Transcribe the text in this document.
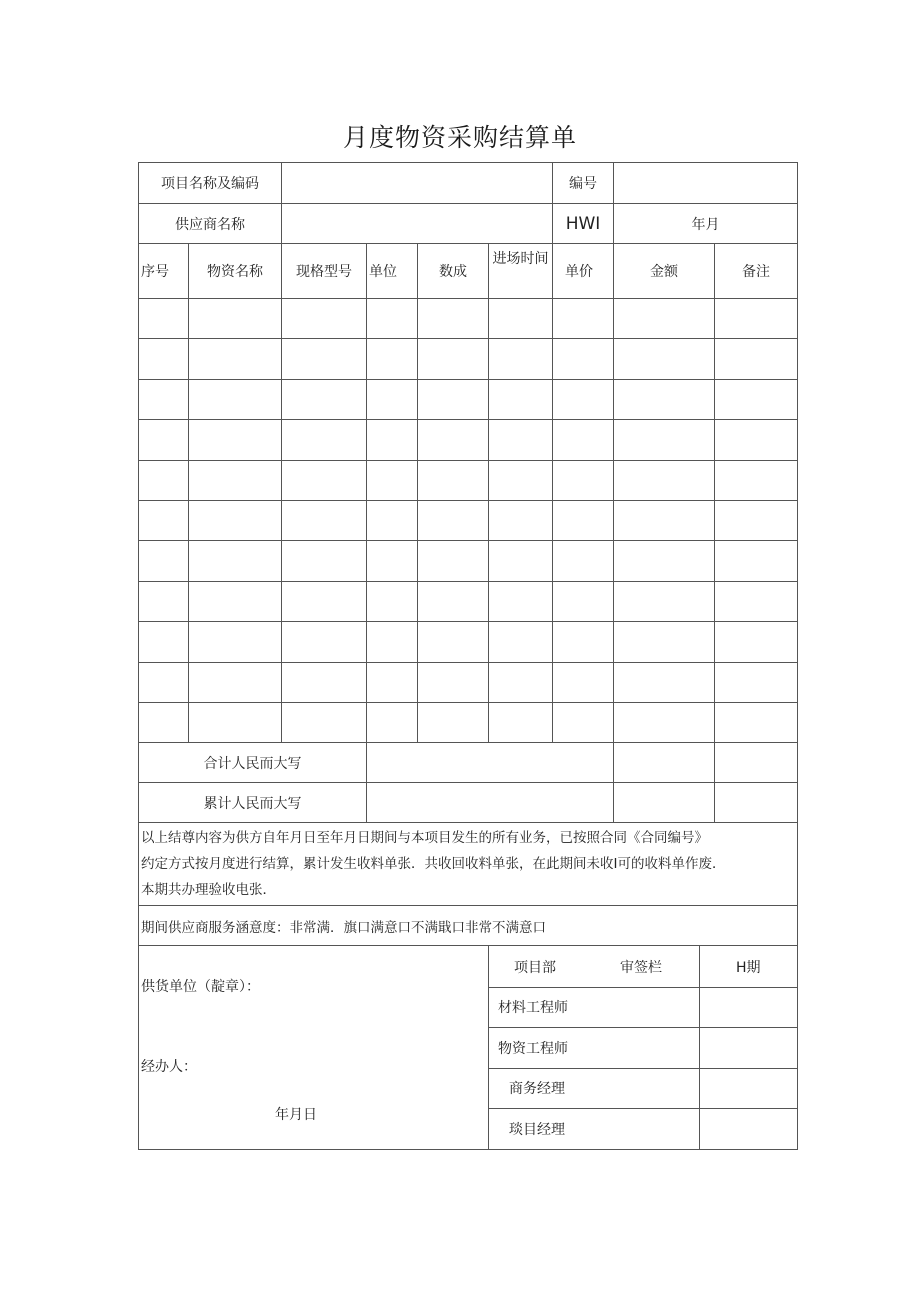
月度物资采购结算单
项目名称及编码		编号	
供应商名称		HWI	年月
序号	物资名称	现格型号	单位	数成	进场时间	单价	金额	备注

合计人民而大写			
累计人民而大写			

以上结尊内容为供方自年月日至年月日期间与本项目发生的所有业务，已按照合同《合同编号》
约定方式按月度进行结算，累计发生收料单张．共收回收料单张，在此期间未收Ⅰ可的收料单作废．
本期共办理验收电张．

期间供应商服务涵意度：非常满．旗口满意口不满戢口非常不满意口

供货单位（靛章）：
经办人：
年月日

项目部	审签栏	H期
材料工程师	
物资工程师	
商务经理	
琰目经理	
